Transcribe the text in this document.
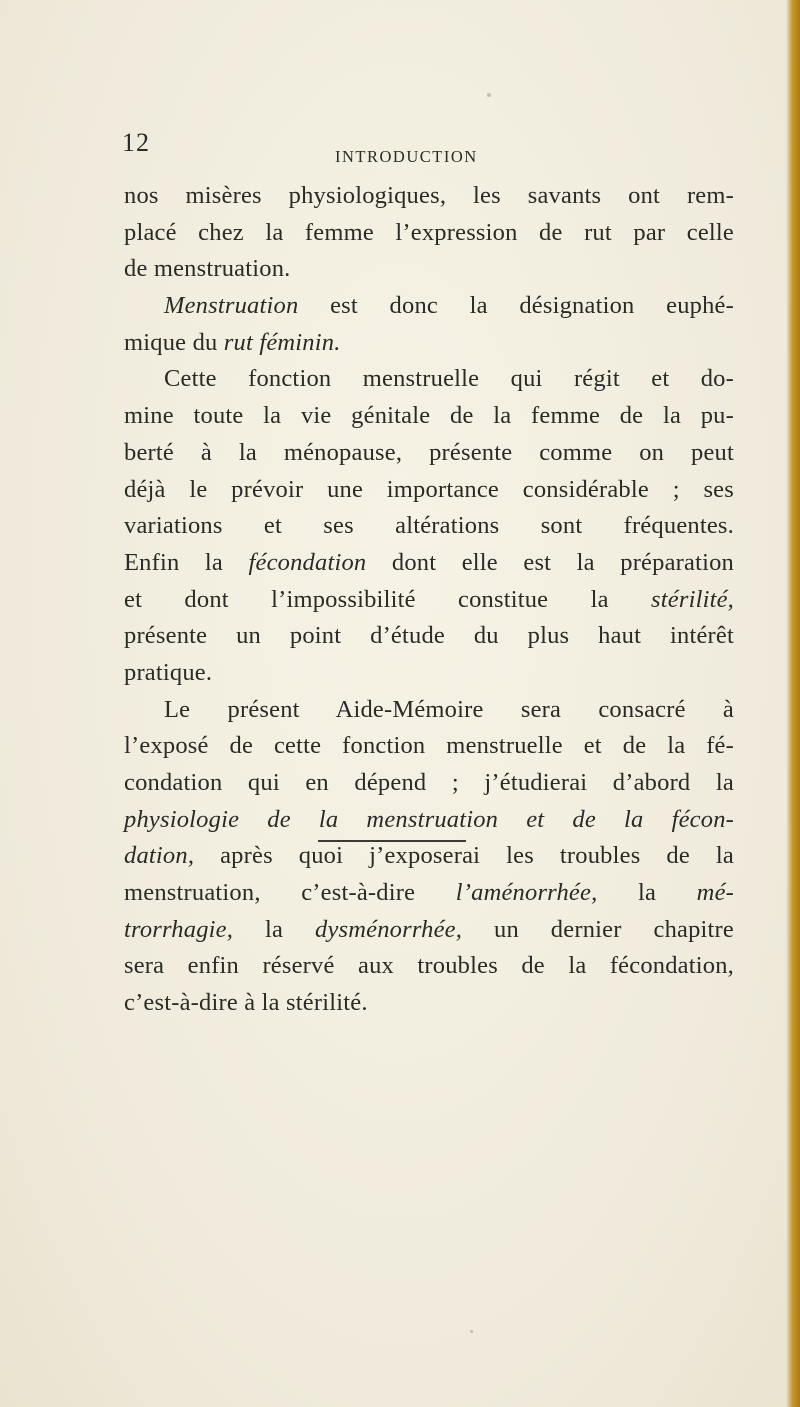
12	INTRODUCTION
nos misères physiologiques, les savants ont rem-
placé chez la femme l’expression de rut par celle
de menstruation.
Menstruation est donc la désignation euphé-
mique du rut féminin.
Cette fonction menstruelle qui régit et do-
mine toute la vie génitale de la femme de la pu-
berté à la ménopause, présente comme on peut
déjà le prévoir une importance considérable ; ses
variations et ses altérations sont fréquentes.
Enfin la fécondation dont elle est la préparation
et dont l’impossibilité constitue la stérilité,
présente un point d’étude du plus haut intérêt
pratique.
Le présent Aide-Mémoire sera consacré à
l’exposé de cette fonction menstruelle et de la fé-
condation qui en dépend ; j’étudierai d’abord la
physiologie de la menstruation et de la fécon-
dation, après quoi j’exposerai les troubles de la
menstruation, c’est-à-dire l’aménorrhée, la mé-
trorrhagie, la dysménorrhée, un dernier chapitre
sera enfin réservé aux troubles de la fécondation,
c’est-à-dire à la stérilité.
